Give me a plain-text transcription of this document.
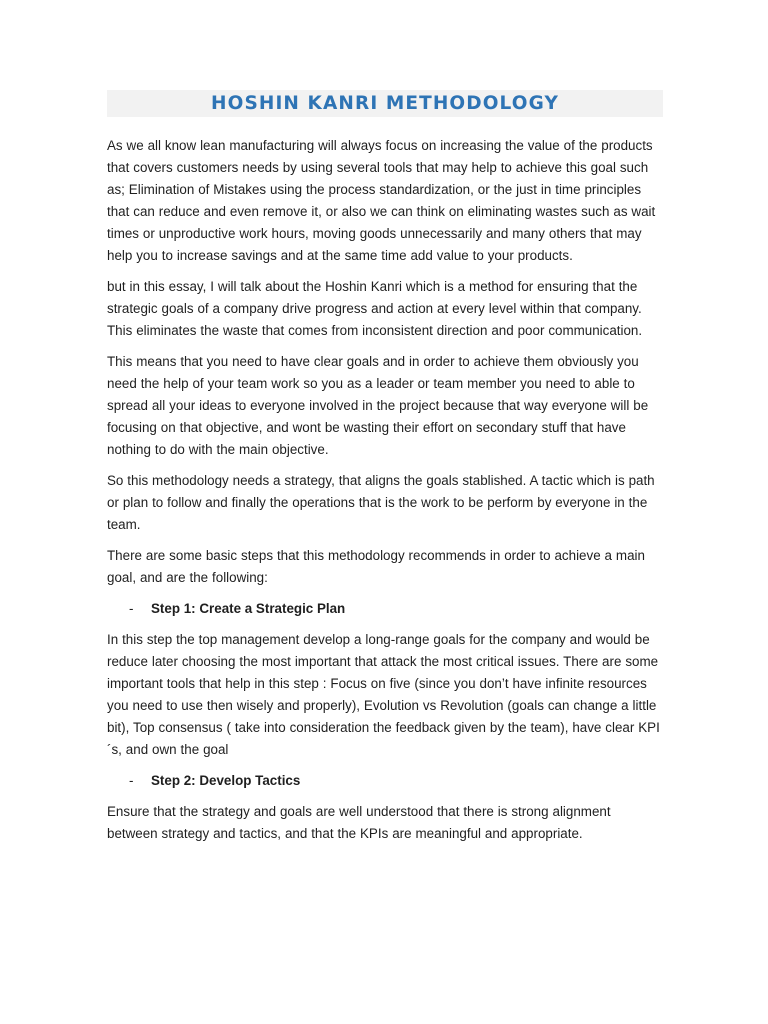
HOSHIN KANRI METHODOLOGY

As we all know lean manufacturing will always focus on increasing the value of the products that covers customers needs by using several tools that may help to achieve this goal such as; Elimination of Mistakes using the process standardization, or the just in time principles that can reduce and even remove it, or also we can think on eliminating wastes such as wait times or unproductive work hours, moving goods unnecessarily and many others that may help you to increase savings and at the same time add value to your products.

but in this essay, I will talk about the Hoshin Kanri which is a method for ensuring that the strategic goals of a company drive progress and action at every level within that company. This eliminates the waste that comes from inconsistent direction and poor communication.

This means that you need to have clear goals and in order to achieve them obviously you need the help of your team work so you as a leader or team member you need to able to spread all your ideas to everyone involved in the project because that way everyone will be focusing on that objective, and wont be wasting their effort on secondary stuff that have nothing to do with the main objective.

So this methodology needs a strategy, that aligns the goals stablished. A tactic which is path or plan to follow and finally the operations that is the work to be perform by everyone in the team.

There are some basic steps that this methodology recommends in order to achieve a main goal, and are the following:

-	Step 1: Create a Strategic Plan

In this step the top management develop a long-range goals for the company and would be reduce later choosing the most important that attack the most critical issues. There are some important tools that help in this step : Focus on five (since you don’t have infinite resources you need to use then wisely and properly), Evolution vs Revolution (goals can change a little bit), Top consensus ( take into consideration the feedback given by the team), have clear KPI´s, and own the goal

-	Step 2: Develop Tactics

Ensure that the strategy and goals are well understood that there is strong alignment between strategy and tactics, and that the KPIs are meaningful and appropriate.
